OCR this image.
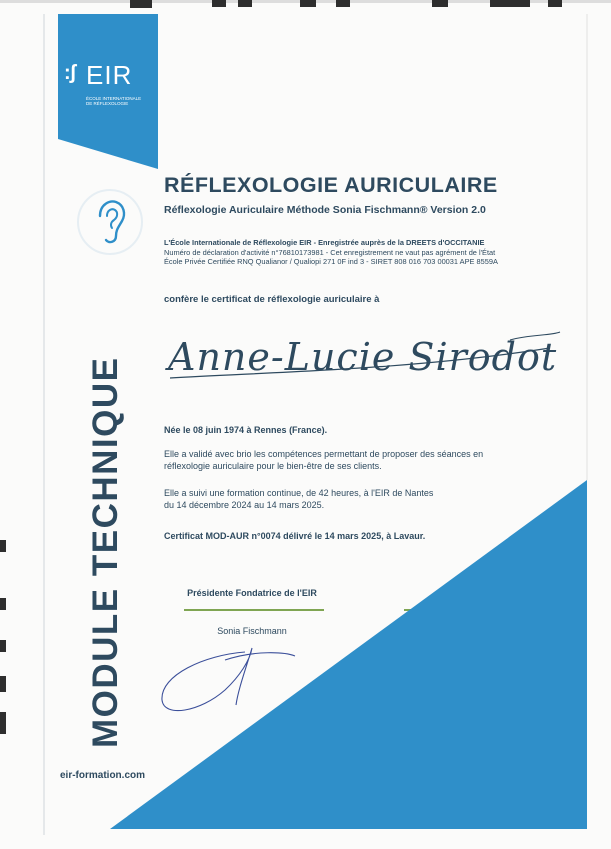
:ʃ EIR
ÉCOLE INTERNATIONALE DE RÉFLEXOLOGIE
MODULE TECHNIQUE
RÉFLEXOLOGIE AURICULAIRE
Réflexologie Auriculaire Méthode Sonia Fischmann® Version 2.0
L'École Internationale de Réflexologie EIR - Enregistrée auprès de la DREETS d'OCCITANIE
Numéro de déclaration d'activité n°76810173981 - Cet enregistrement ne vaut pas agrément de l'État
École Privée Certifiée RNQ Qualianor / Qualiopi 271 0F ind 3 - SIRET 808 016 703 00031 APE 8559A
confère le certificat de réflexologie auriculaire à
Anne-Lucie Sirodot
Née le 08 juin 1974 à Rennes (France).
Elle a validé avec brio les compétences permettant de proposer des séances en
réflexologie auriculaire pour le bien-être de ses clients.
Elle a suivi une formation continue, de 42 heures, à l'EIR de Nantes
du 14 décembre 2024 au 14 mars 2025.
Certificat MOD-AUR n°0074 délivré le 14 mars 2025, à Lavaur.
Présidente Fondatrice de l'EIR
Sonia Fischmann
eir-formation.com
